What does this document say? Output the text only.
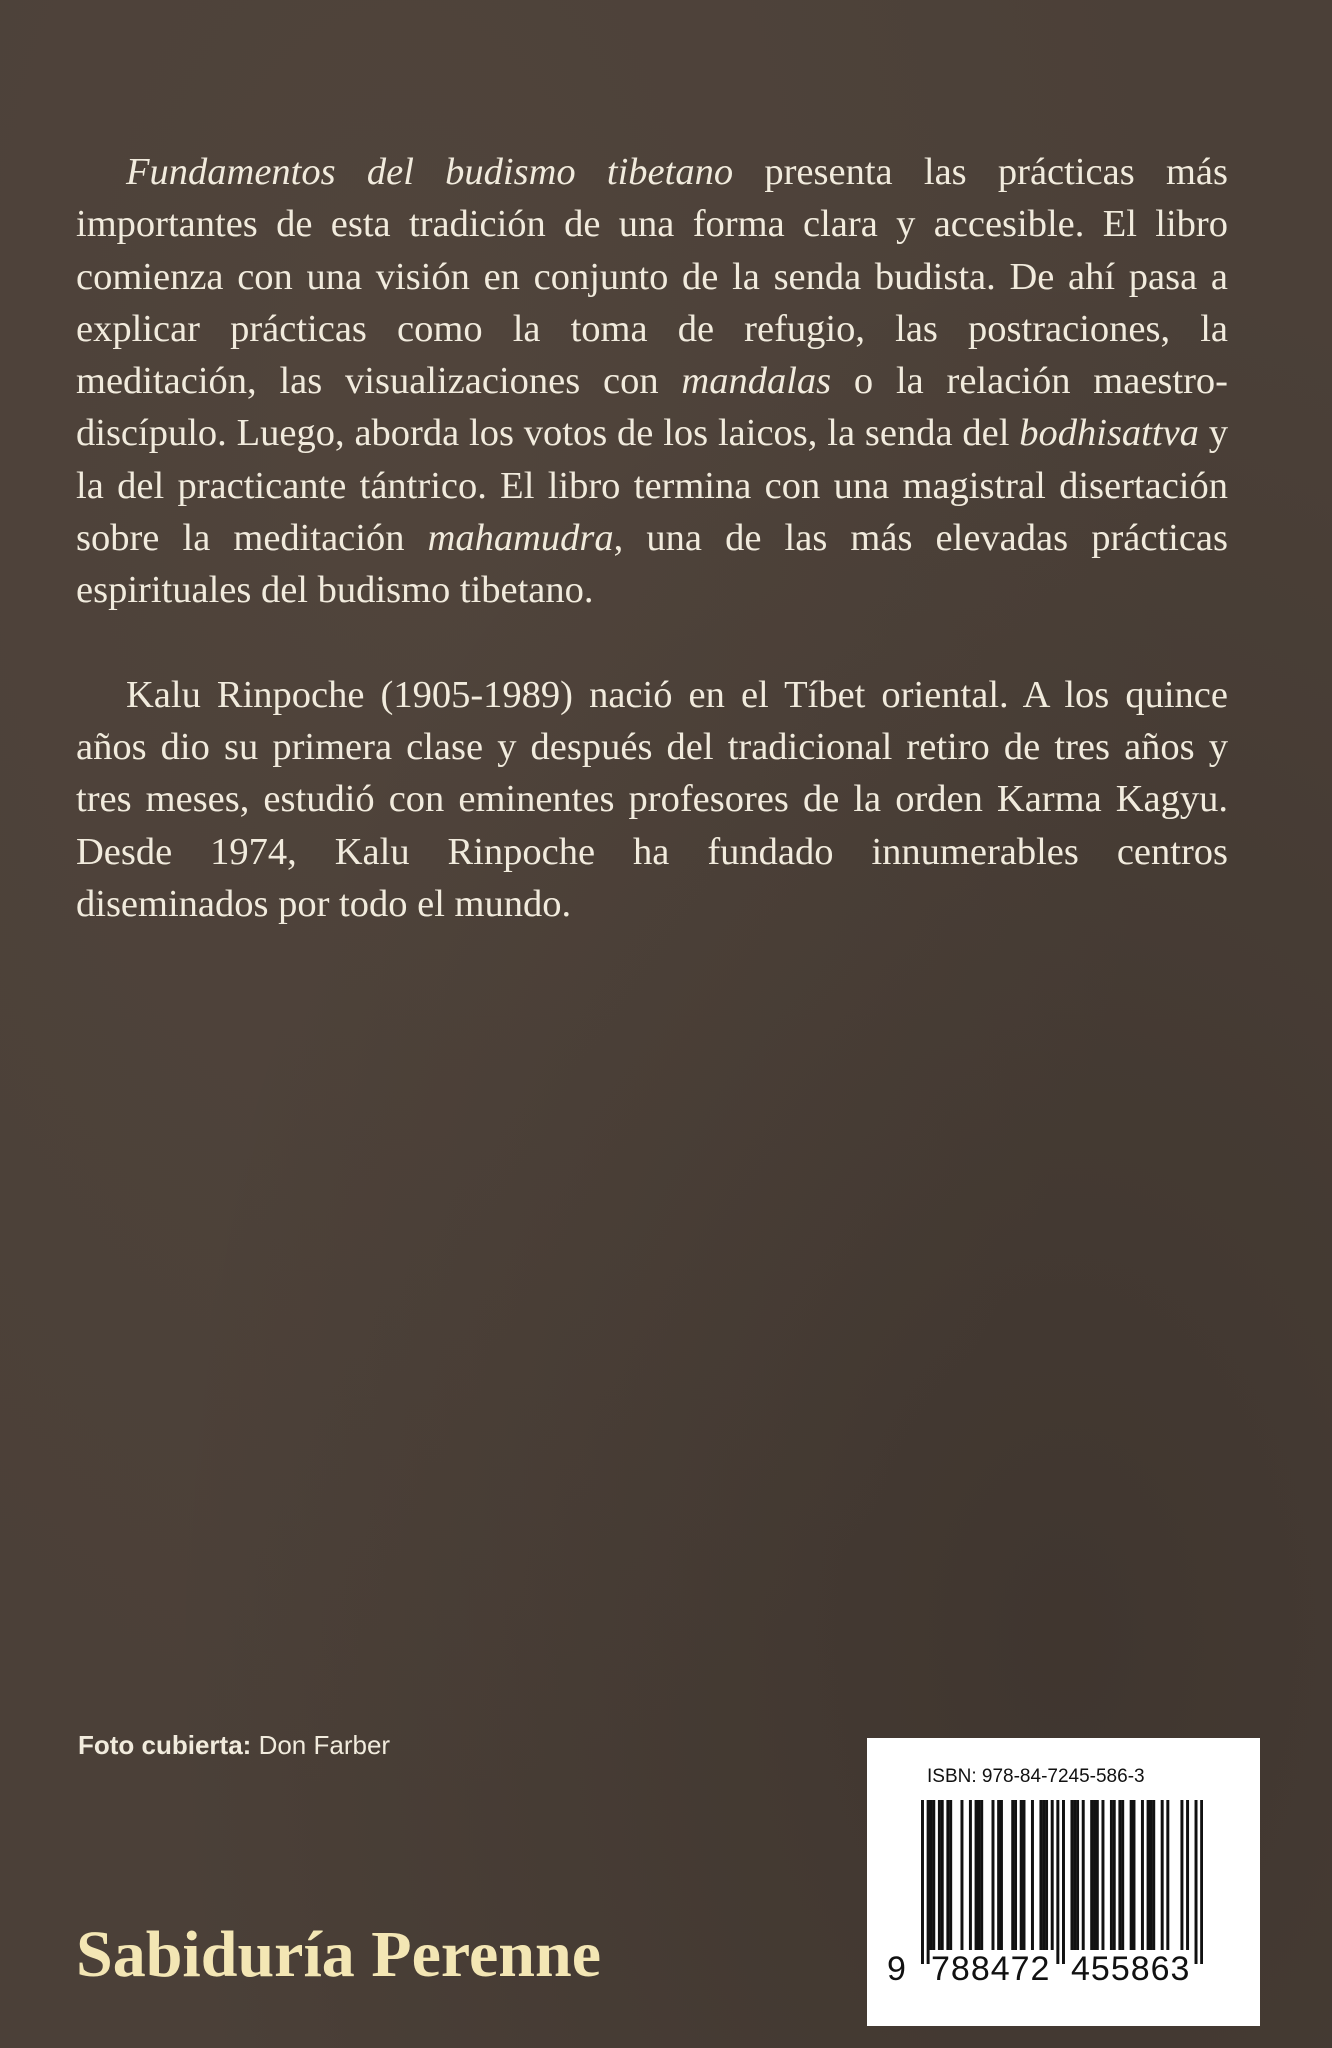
Fundamentos del budismo tibetano presenta las prácticas más importantes de esta tradición de una forma clara y accesible. El libro comienza con una visión en conjunto de la senda budista. De ahí pasa a explicar prácticas como la toma de refugio, las postraciones, la meditación, las visualizaciones con mandalas o la relación maestro-discípulo. Luego, aborda los votos de los laicos, la senda del bodhisattva y la del practicante tántrico. El libro termina con una magistral disertación sobre la meditación mahamudra, una de las más elevadas prácticas espirituales del budismo tibetano.

Kalu Rinpoche (1905-1989) nació en el Tíbet oriental. A los quince años dio su primera clase y después del tradicional retiro de tres años y tres meses, estudió con eminentes profesores de la orden Karma Kagyu. Desde 1974, Kalu Rinpoche ha fundado innumerables centros diseminados por todo el mundo.

Foto cubierta: Don Farber
Sabiduría Perenne
ISBN: 978-84-7245-586-3
9 788472 455863
